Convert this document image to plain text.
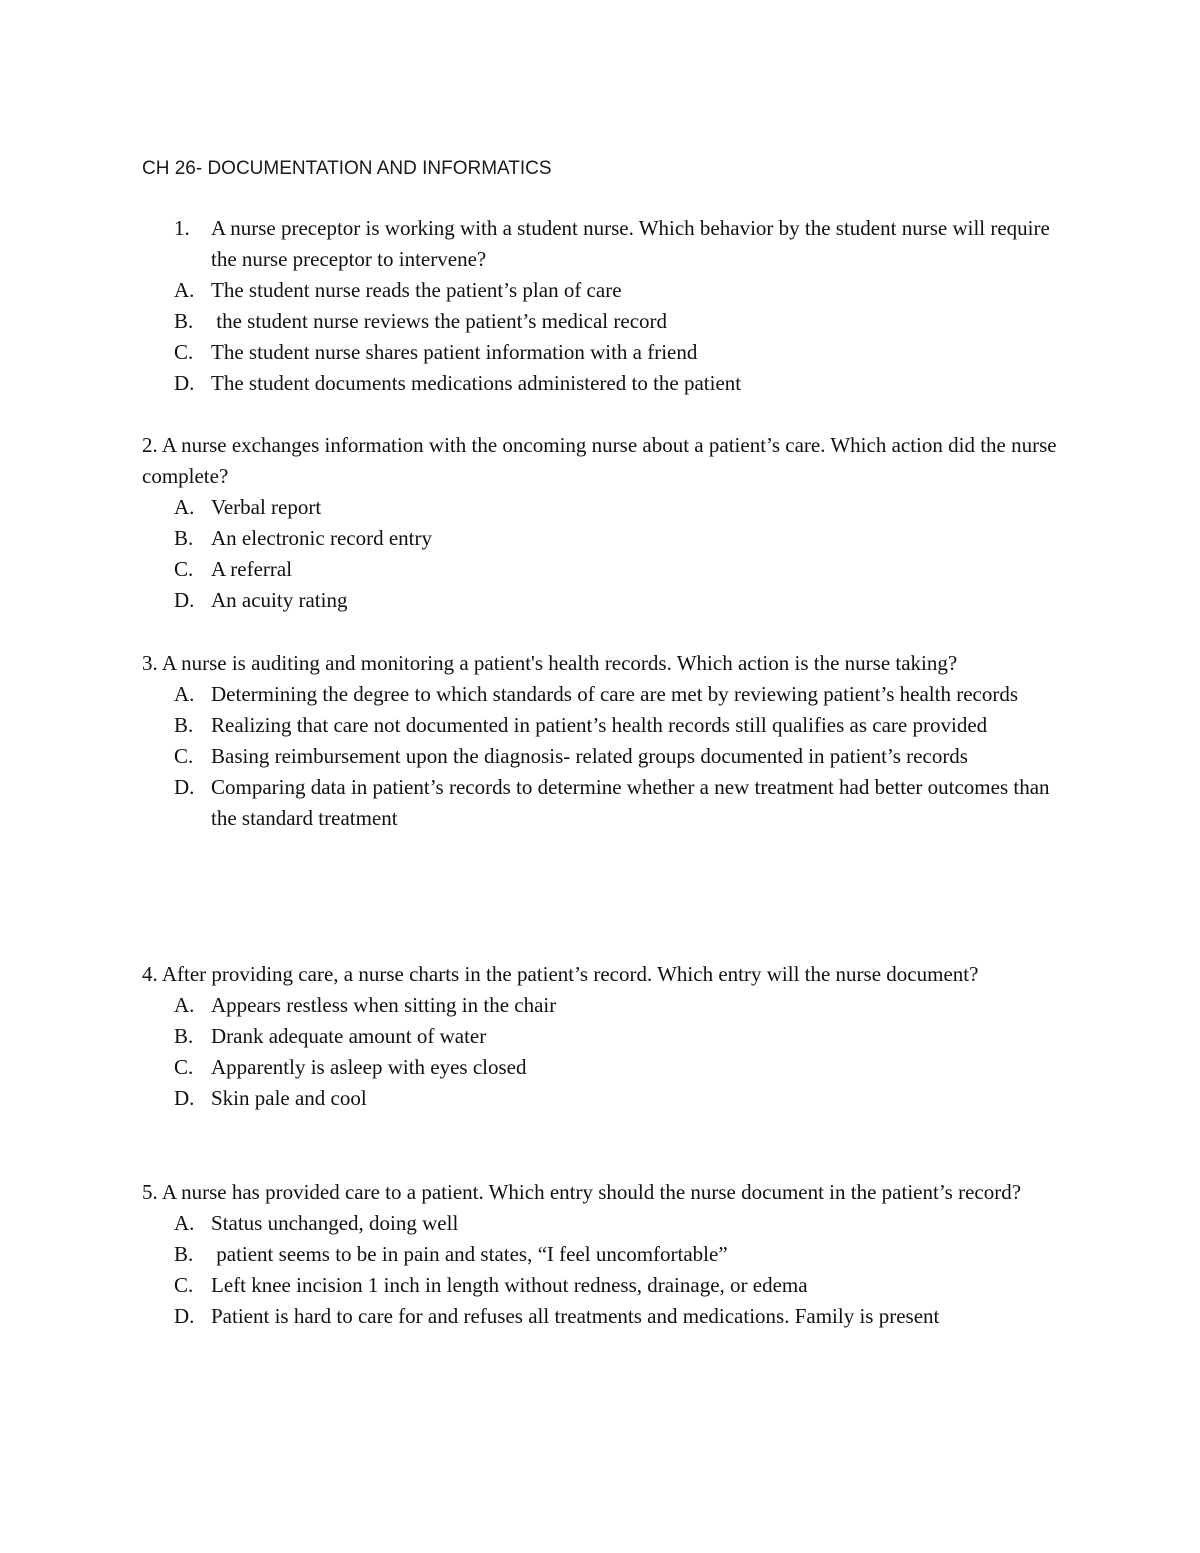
CH 26- DOCUMENTATION AND INFORMATICS
1. A nurse preceptor is working with a student nurse. Which behavior by the student nurse will require the nurse preceptor to intervene?
A. The student nurse reads the patient’s plan of care
B. the student nurse reviews the patient’s medical record
C. The student nurse shares patient information with a friend
D. The student documents medications administered to the patient
2. A nurse exchanges information with the oncoming nurse about a patient’s care. Which action did the nurse complete?
A. Verbal report
B. An electronic record entry
C. A referral
D. An acuity rating
3. A nurse is auditing and monitoring a patient's health records. Which action is the nurse taking?
A. Determining the degree to which standards of care are met by reviewing patient’s health records
B. Realizing that care not documented in patient’s health records still qualifies as care provided
C. Basing reimbursement upon the diagnosis- related groups documented in patient’s records
D. Comparing data in patient’s records to determine whether a new treatment had better outcomes than the standard treatment
4. After providing care, a nurse charts in the patient’s record. Which entry will the nurse document?
A. Appears restless when sitting in the chair
B. Drank adequate amount of water
C. Apparently is asleep with eyes closed
D. Skin pale and cool
5. A nurse has provided care to a patient. Which entry should the nurse document in the patient’s record?
A. Status unchanged, doing well
B. patient seems to be in pain and states, “I feel uncomfortable”
C. Left knee incision 1 inch in length without redness, drainage, or edema
D. Patient is hard to care for and refuses all treatments and medications. Family is present
